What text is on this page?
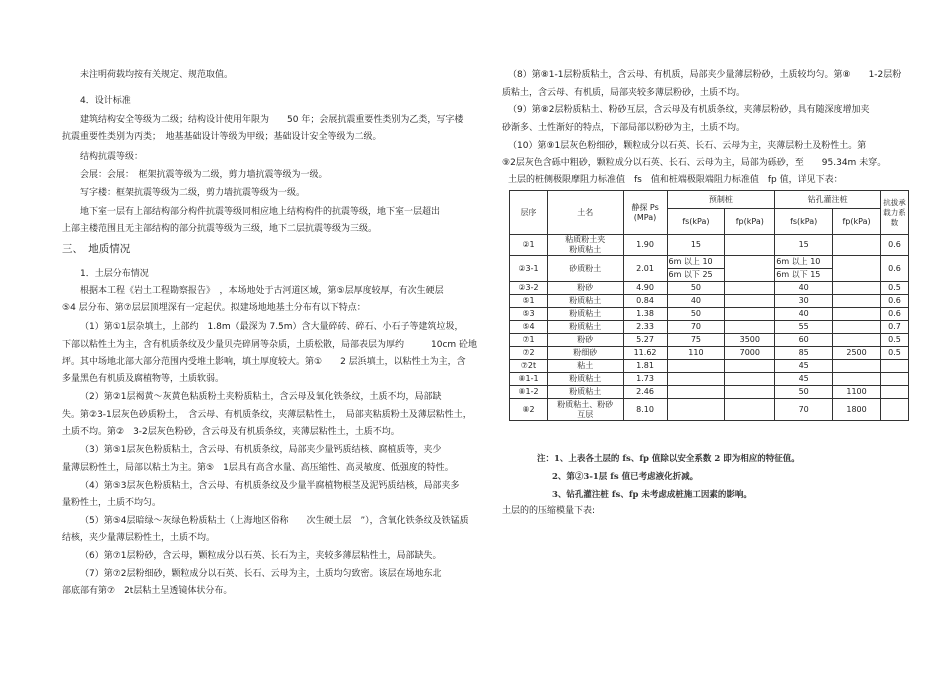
未注明荷载均按有关规定、规范取值。
4．设计标准
建筑结构安全等级为二级；结构设计使用年限为　　50 年；会展抗震重要性类别为乙类，写字楼
抗震重要性类别为丙类；　地基基础设计等级为甲级；基础设计安全等级为二级。
结构抗震等级：
会展：会展：　框架抗震等级为二级，剪力墙抗震等级为一级。
写字楼：框架抗震等级为二级，剪力墙抗震等级为一级。
地下室一层有上部结构部分构件抗震等级同相应地上结构构件的抗震等级，地下室一层超出
上部主楼范围且无主部结构的部分抗震等级为三级，地下二层抗震等级为三级。
三、　地质情况
1．土层分布情况
根据本工程《岩土工程勘察报告》　，本场地处于古河道区域，第⑤层厚度较厚，有次生硬层
⑤4 层分布、第⑦层层顶埋深有一定起伏。拟建场地地基土分布有以下特点：
（1）第①1层杂填土，上部约　1.8m（最深为 7.5m）含大量碎砖、碎石、小石子等建筑垃圾，
下部以粘性土为主，含有机质条纹及少量贝壳碎屑等杂质，土质松散，局部表层为厚约　　　10cm 砼地
坪。其中场地北部大部分范围内受堆土影响，填土厚度较大。第①　　2 层浜填土，以粘性土为主，含
多量黑色有机质及腐植物等，土质软弱。
（2）第②1层褐黄～灰黄色粘质粉土夹粉质粘土，含云母及氧化铁条纹，土质不均，局部缺
失。第②3-1层灰色砂质粉土，　含云母、有机质条纹，夹薄层粘性土，　局部夹粘质粉土及薄层粘性土，
土质不均。第②　3-2层灰色粉砂，含云母及有机质条纹，夹薄层粘性土，土质不均。
（3）第⑤1层灰色粉质粘土，含云母、有机质条纹，局部夹少量钙质结核、腐植质等，夹少
量薄层粉性土，局部以粘土为主。第⑤　1层具有高含水量、高压缩性、高灵敏度、低强度的特性。
（4）第⑤3层灰色粉质粘土，含云母、有机质条纹及少量半腐植物根茎及泥钙质结核，局部夹多
量粉性土，土质不均匀。
（5）第⑤4层暗绿～灰绿色粉质粘土（上海地区俗称　　次生硬土层　”），含氧化铁条纹及铁锰质
结核，夹少量薄层粉性土，土质不均。
（6）第⑦1层粉砂，含云母，颗粒成分以石英、长石为主，夹较多薄层粘性土，局部缺失。
（7）第⑦2层粉细砂，颗粒成分以石英、长石、云母为主，土质均匀致密。该层在场地东北
部底部有第⑦　2t层粘土呈透镜体状分布。
（8）第⑧1-1层粉质粘土，含云母、有机质，局部夹少量薄层粉砂，土质较均匀。第⑧　　1-2层粉
质粘土，含云母、有机质，局部夹较多薄层粉砂，土质不均。
（9）第⑧2层粉质粘土、粉砂互层，含云母及有机质条纹，夹薄层粉砂，具有随深度增加夹
砂渐多、土性渐好的特点，下部局部以粉砂为主，土质不均。
（10）第⑨1层灰色粉细砂，颗粒成分以石英、长石、云母为主，夹薄层粉土及粉性土。第
⑨2层灰色含砾中粗砂，颗粒成分以石英、长石、云母为主，局部为砾砂，至　　95.34m 未穿。
土层的桩侧极限摩阻力标准值　fs　值和桩端极限端阻力标准值　fp 值，详见下表：
土层的的压缩模量下表:
层序	土名	静探 Ps
(MPa)	预制桩		钻孔灌注桩		抗拔承
载力系
数
			fs(kPa)	fp(kPa)	fs(kPa)	fp(kPa)	
②1	粘质粉土夹
粉质粘土	1.90	15		15		0.6
②3-1	砂质粉土	2.01	6m 以上 10		6m 以上 10		0.6
			6m 以下 25		6m 以下 15		
②3-2	粉砂	4.90	50		40		0.5
⑤1	粉质粘土	0.84	40		30		0.6
⑤3	粉质粘土	1.38	50		40		0.6
⑤4	粉质粘土	2.33	70		55		0.7
⑦1	粉砂	5.27	75	3500	60		0.5
⑦2	粉细砂	11.62	110	7000	85	2500	0.5
⑦2t	粘土	1.81			45		
⑧1-1	粉质粘土	1.73			45		
⑧1-2	粉质粘土	2.46			50	1100	
⑧2	粉质粘土、粉砂
互层	8.10			70	1800	
注：1、上表各土层的 fs、fp 值除以安全系数 2 即为相应的特征值。
2、第②3-1层 fs 值已考虑液化折减。
3、钻孔灌注桩 fs、fp 未考虑成桩施工因素的影响。
